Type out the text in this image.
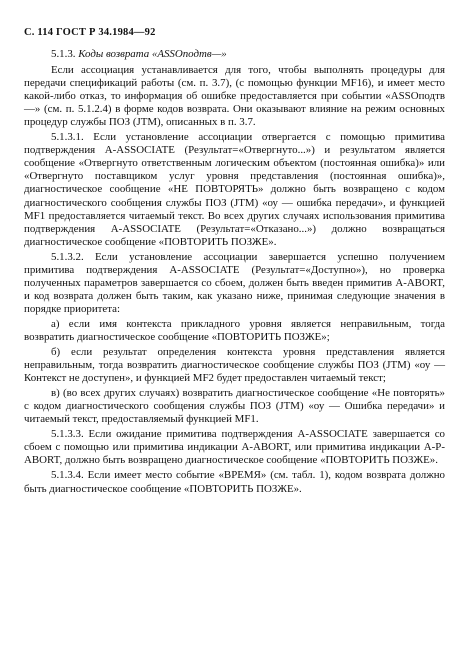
С. 114 ГОСТ Р 34.1984—92

5.1.3. Коды возврата «ASSOподтв—»

Если ассоциация устанавливается для того, чтобы выполнять процедуры для передачи спецификаций работы (см. п. 3.7), (с помощью функции MF16), и имеет место какой-либо отказ, то информация об ошибке предоставляется при событии «ASSOподтв—» (см. п. 5.1.2.4) в форме кодов возврата. Они оказывают влияние на режим основных процедур службы ПОЗ (JTM), описанных в п. 3.7.

5.1.3.1. Если установление ассоциации отвергается с помощью примитива подтверждения A-ASSOCIATE (Результат=«Отвергнуто...») и результатом является сообщение «Отвергнуто ответственным логическим объектом (постоянная ошибка)» или «Отвергнуто поставщиком услуг уровня представления (постоянная ошибка)», диагностическое сообщение «НЕ ПОВТОРЯТЬ» должно быть возвращено с кодом диагностического сообщения службы ПОЗ (JTM) «оу — ошибка передачи», и функцией MF1 предоставляется читаемый текст. Во всех других случаях использования примитива подтверждения A-ASSOCIATE (Результат=«Отказано...») должно возвращаться диагностическое сообщение «ПОВТОРИТЬ ПОЗЖЕ».

5.1.3.2. Если установление ассоциации завершается успешно получением примитива подтверждения A-ASSOCIATE (Результат=«Доступно»), но проверка полученных параметров завершается со сбоем, должен быть введен примитив A-ABORT, и код возврата должен быть таким, как указано ниже, принимая следующие значения в порядке приоритета:

а) если имя контекста прикладного уровня является неправильным, тогда возвратить диагностическое сообщение «ПОВТОРИТЬ ПОЗЖЕ»;

б) если результат определения контекста уровня представления является неправильным, тогда возвратить диагностическое сообщение службы ПОЗ (JTM) «оу — Контекст не доступен», и функцией MF2 будет предоставлен читаемый текст;

в) (во всех других случаях) возвратить диагностическое сообщение «Не повторять» с кодом диагностического сообщения службы ПОЗ (JTM) «оу — Ошибка передачи» и читаемый текст, предоставляемый функцией MF1.

5.1.3.3. Если ожидание примитива подтверждения A-ASSOCIATE завершается со сбоем с помощью или примитива индикации A-ABORT, или примитива индикации A-P-ABORT, должно быть возвращено диагностическое сообщение «ПОВТОРИТЬ ПОЗЖЕ».

5.1.3.4. Если имеет место событие «ВРЕМЯ» (см. табл. 1), кодом возврата должно быть диагностическое сообщение «ПОВТОРИТЬ ПОЗЖЕ».
